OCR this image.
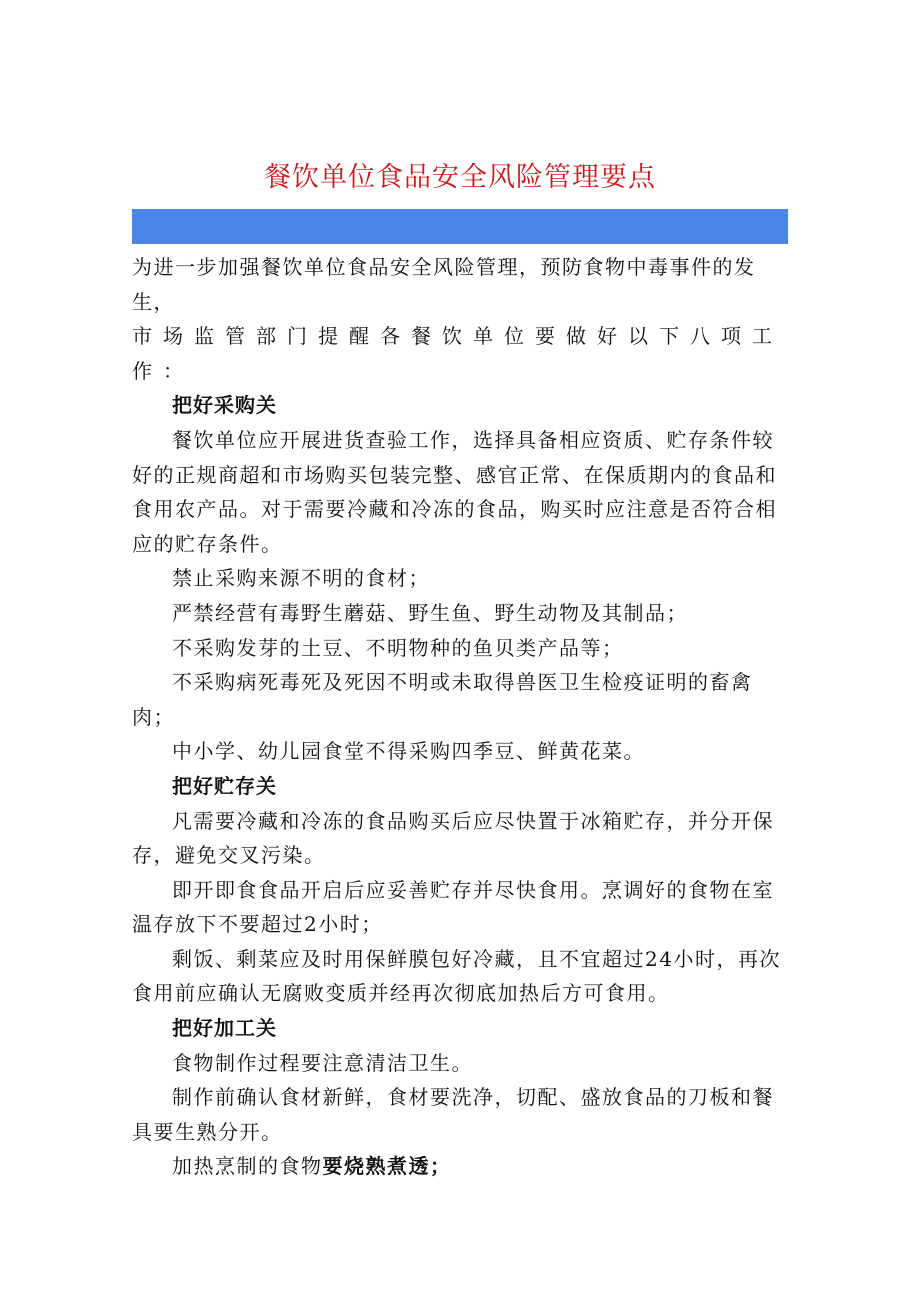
餐饮单位食品安全风险管理要点

为进一步加强餐饮单位食品安全风险管理，预防食物中毒事件的发生，

市场监管部门提醒各餐饮单位要做好以下八项工作：

把好采购关

餐饮单位应开展进货查验工作，选择具备相应资质、贮存条件较好的正规商超和市场购买包装完整、感官正常、在保质期内的食品和食用农产品。对于需要冷藏和冷冻的食品，购买时应注意是否符合相应的贮存条件。

禁止采购来源不明的食材；

严禁经营有毒野生蘑菇、野生鱼、野生动物及其制品；

不采购发芽的土豆、不明物种的鱼贝类产品等；

不采购病死毒死及死因不明或未取得兽医卫生检疫证明的畜禽肉；

中小学、幼儿园食堂不得采购四季豆、鲜黄花菜。

把好贮存关

凡需要冷藏和冷冻的食品购买后应尽快置于冰箱贮存，并分开保存，避免交叉污染。

即开即食食品开启后应妥善贮存并尽快食用。烹调好的食物在室温存放下不要超过2小时；

剩饭、剩菜应及时用保鲜膜包好冷藏，且不宜超过24小时，再次食用前应确认无腐败变质并经再次彻底加热后方可食用。

把好加工关

食物制作过程要注意清洁卫生。

制作前确认食材新鲜，食材要洗净，切配、盛放食品的刀板和餐具要生熟分开。

加热烹制的食物要烧熟煮透；
